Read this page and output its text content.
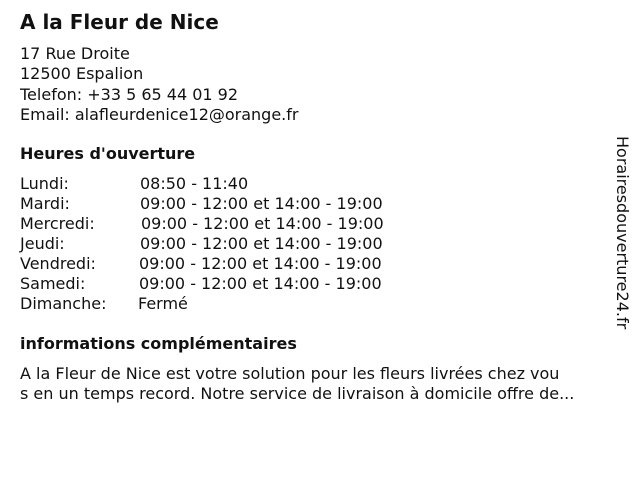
A la Fleur de Nice
17 Rue Droite
12500 Espalion
Telefon: +33 5 65 44 01 92
Email: alafleurdenice12@orange.fr
Heures d'ouverture
Lundi:	08:50 - 11:40
Mardi:	09:00 - 12:00 et 14:00 - 19:00
Mercredi:	09:00 - 12:00 et 14:00 - 19:00
Jeudi:	09:00 - 12:00 et 14:00 - 19:00
Vendredi:	09:00 - 12:00 et 14:00 - 19:00
Samedi:	09:00 - 12:00 et 14:00 - 19:00
Dimanche:	Fermé
informations complémentaires
A la Fleur de Nice est votre solution pour les fleurs livrées chez vou
s en un temps record. Notre service de livraison à domicile offre de...
Horairesdouverture24.fr
